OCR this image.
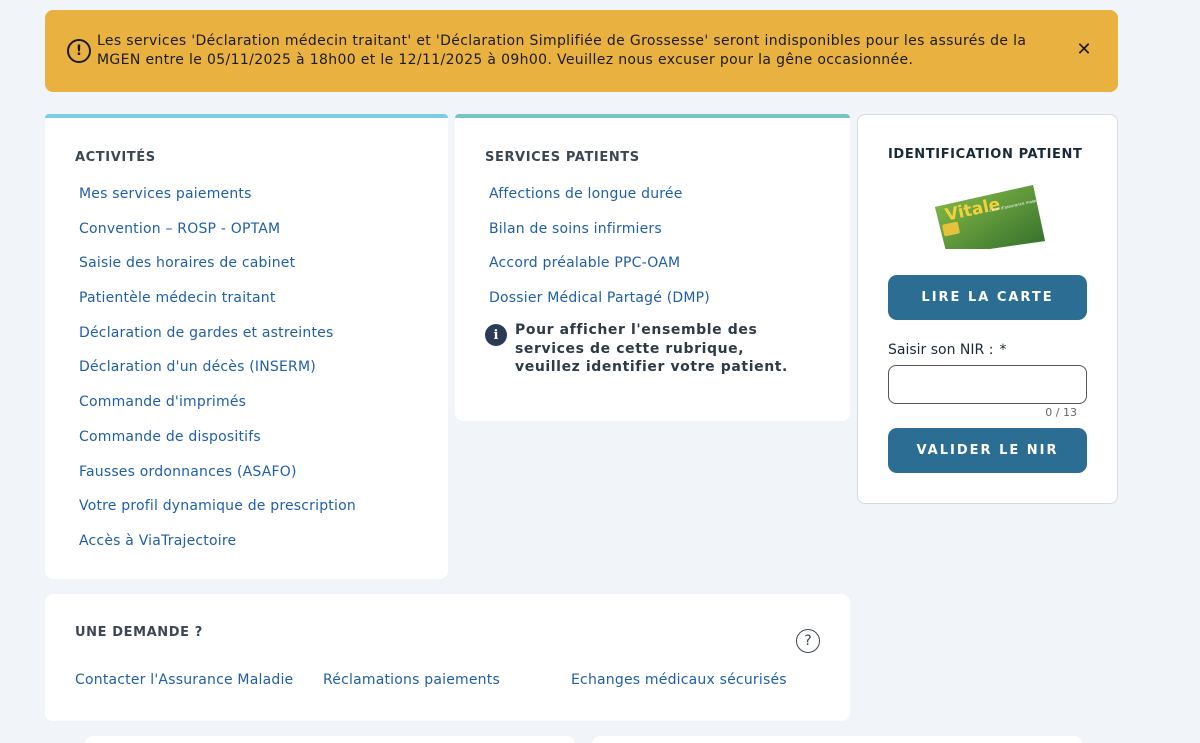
!
Les services 'Déclaration médecin traitant' et 'Déclaration Simplifiée de Grossesse' seront indisponibles pour les assurés de la MGEN entre le 05/11/2025 à 18h00 et le 12/11/2025 à 09h00. Veuillez nous excuser pour la gêne occasionnée.	✕
ACTIVITÉS
Mes services paiements
Convention – ROSP - OPTAM
Saisie des horaires de cabinet
Patientèle médecin traitant
Déclaration de gardes et astreintes
Déclaration d'un décès (INSERM)
Commande d'imprimés
Commande de dispositifs
Fausses ordonnances (ASAFO)
Votre profil dynamique de prescription
Accès à ViaTrajectoire
SERVICES PATIENTS
Affections de longue durée
Bilan de soins infirmiers
Accord préalable PPC-OAM
Dossier Médical Partagé (DMP)
i	Pour afficher l'ensemble des services de cette rubrique, veuillez identifier votre patient.
IDENTIFICATION PATIENT
Vitale
carte d'assurance maladie
LIRE LA CARTE
Saisir son NIR : *
0 / 13
VALIDER LE NIR
UNE DEMANDE ?
?
Contacter l'Assurance Maladie Réclamations paiements	Echanges médicaux sécurisés
